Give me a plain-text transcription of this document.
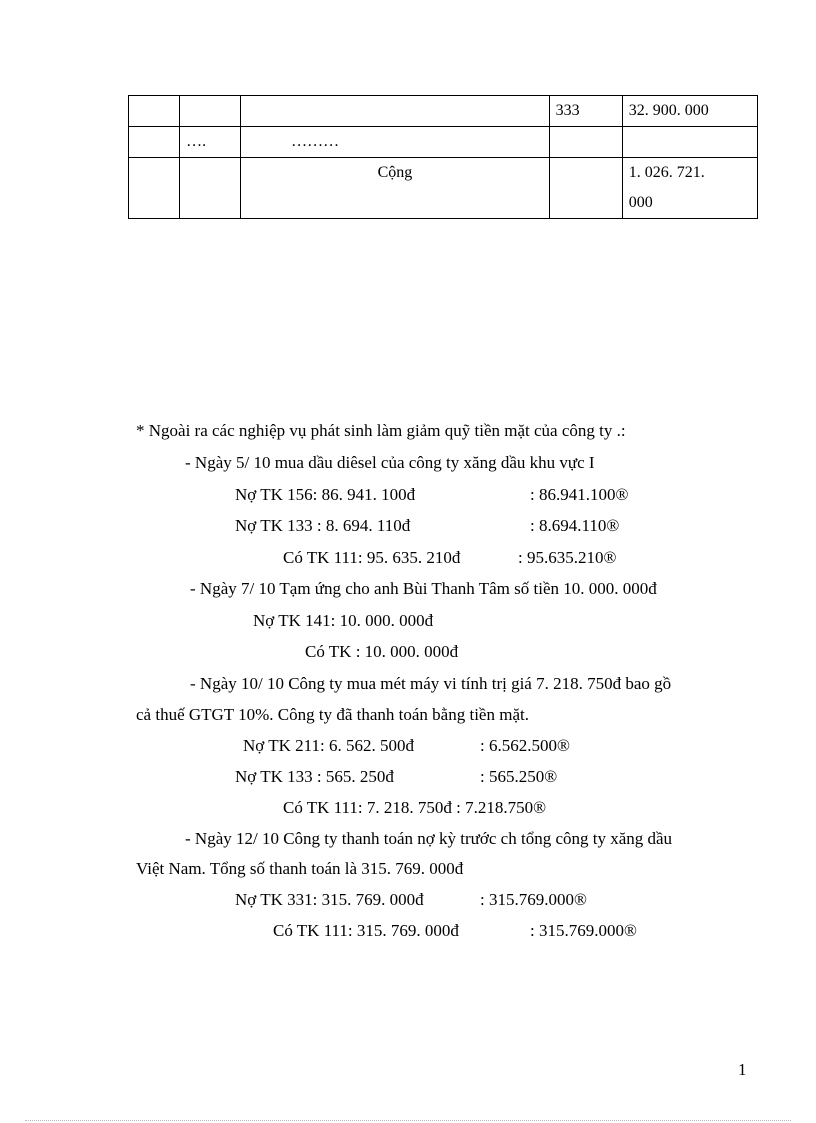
			333	32. 900. 000
	….	………		
		Cộng		1. 026. 721.
000
* Ngoài ra các nghiệp vụ phát sinh làm giảm quỹ tiền mặt của công ty .:
- Ngày 5/ 10 mua dầu diêsel của công ty xăng dầu khu vực I
Nợ TK 156: 86. 941. 100đ	: 86.941.100®
Nợ TK 133 : 8. 694. 110đ	: 8.694.110®
Có TK 111: 95. 635. 210đ	: 95.635.210®
- Ngày 7/ 10 Tạm ứng cho anh Bùi Thanh Tâm số tiền 10. 000. 000đ
Nợ TK 141: 10. 000. 000đ
Có TK : 10. 000. 000đ
- Ngày 10/ 10 Công ty mua mét máy vi tính trị giá 7. 218. 750đ bao gồ
cả thuế GTGT 10%. Công ty đã thanh toán bằng tiền mặt.
Nợ TK 211: 6. 562. 500đ	: 6.562.500®
Nợ TK 133 : 565. 250đ	: 565.250®
Có TK 111: 7. 218. 750đ : 7.218.750®
- Ngày 12/ 10 Công ty thanh toán nợ kỳ trước ch tổng công ty xăng dầu
Việt Nam. Tổng số thanh toán là 315. 769. 000đ
Nợ TK 331: 315. 769. 000đ	: 315.769.000®
Có TK 111: 315. 769. 000đ	: 315.769.000®
1
